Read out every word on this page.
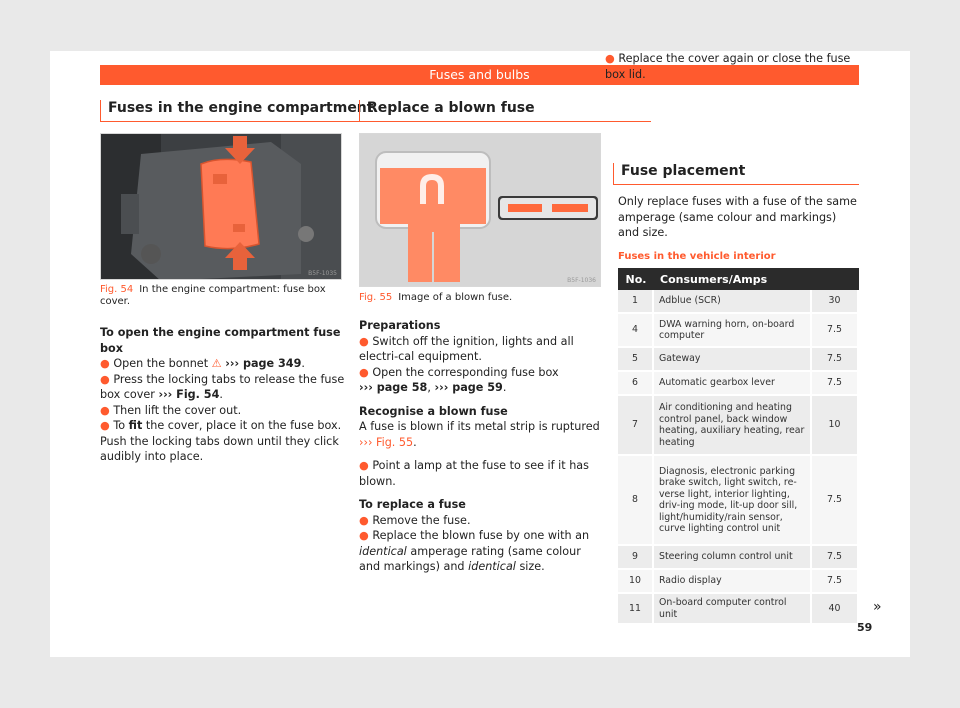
Fuses and bulbs
Fuses in the engine compartment
B5F-1035
Fig. 54 In the engine compartment: fuse box cover.

To open the engine compartment fuse box

● Open the bonnet ⚠ ››› page 349.

● Press the locking tabs to release the fuse box cover ››› Fig. 54.

● Then lift the cover out.

● To fit the cover, place it on the fuse box. Push the locking tabs down until they click audibly into place.

Replace a blown fuse
B5F-1036
Fig. 55 Image of a blown fuse.

Preparations

● Switch off the ignition, lights and all electri-cal equipment.

● Open the corresponding fuse box
››› page 58, ››› page 59.

Recognise a blown fuse

A fuse is blown if its metal strip is ruptured
››› Fig. 55.

● Point a lamp at the fuse to see if it has blown.

To replace a fuse

● Remove the fuse.

● Replace the blown fuse by one with an identical amperage rating (same colour and markings) and identical size.

● Replace the cover again or close the fuse box lid.

Fuse placement
Only replace fuses with a fuse of the same amperage (same colour and markings) and size.
Fuses in the vehicle interior
No.	Consumers/Amps	
1	Adblue (SCR)	30
4	DWA warning horn, on-board computer	7.5
5	Gateway	7.5
6	Automatic gearbox lever	7.5
7	Air conditioning and heating control panel, back window heating, auxiliary heating, rear heating	10
8	Diagnosis, electronic parking brake switch, light switch, re-verse light, interior lighting, driv-ing mode, lit-up door sill, light/humidity/rain sensor, curve lighting control unit	7.5
9	Steering column control unit	7.5
10	Radio display	7.5
11	On-board computer control unit	40 »
59
